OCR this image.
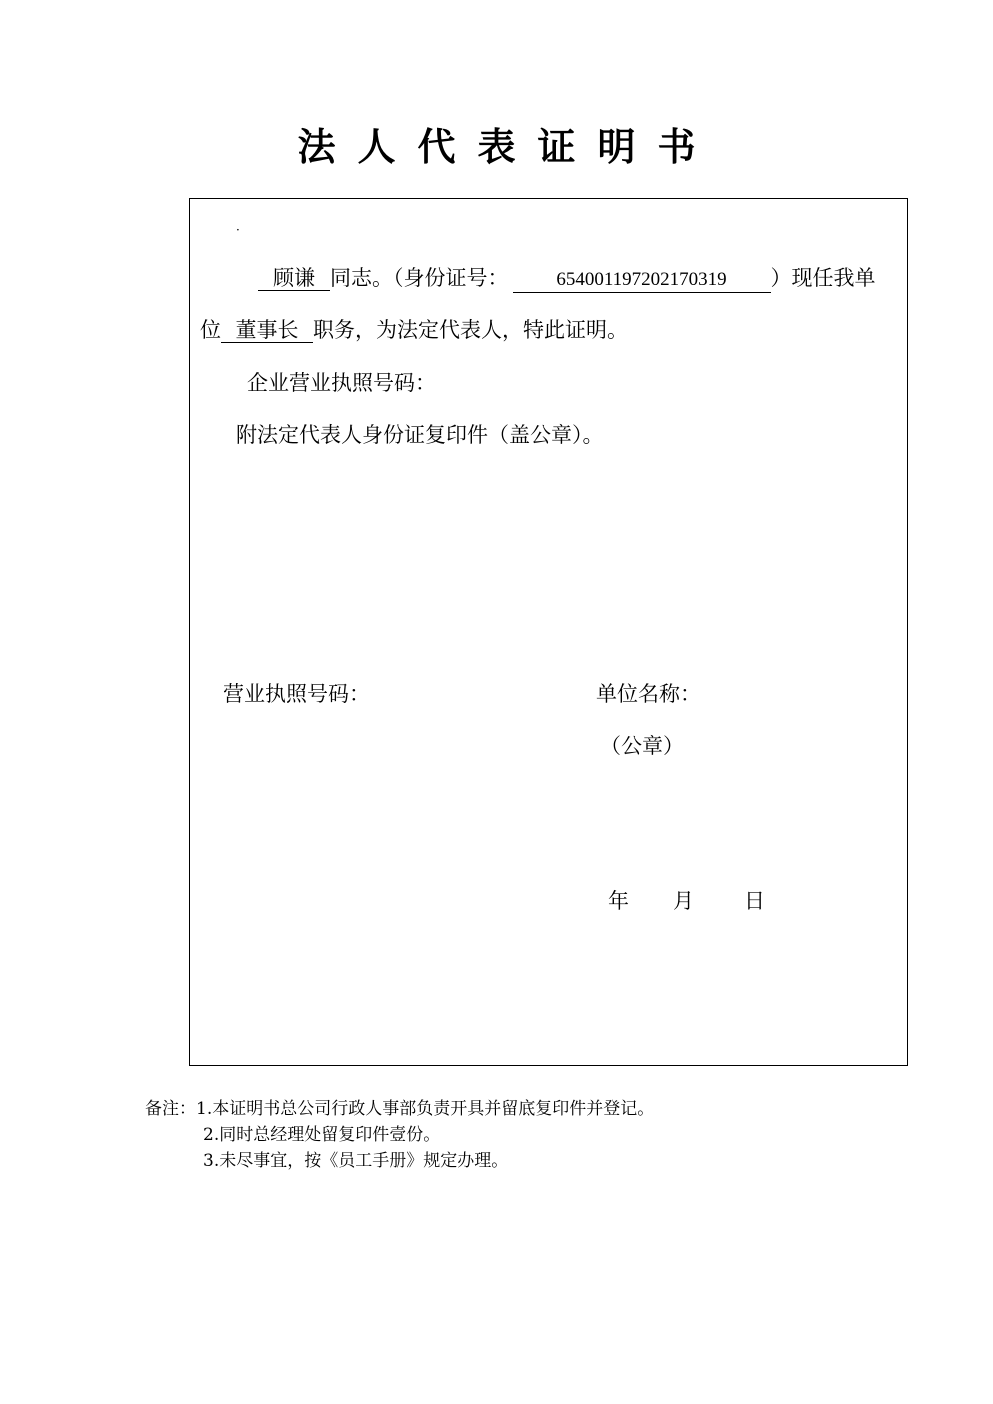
法人代表证明书
·
顾谦 同志。（身份证号：	654001197202170319 ）现任我单
位 董事长 职务，为法定代表人，特此证明。
企业营业执照号码：
附法定代表人身份证复印件（盖公章）。
营业执照号码：	单位名称：
（公章）
年 月 日
备注：1.本证明书总公司行政人事部负责开具并留底复印件并登记。
2.同时总经理处留复印件壹份。
3.未尽事宜，按《员工手册》规定办理。
